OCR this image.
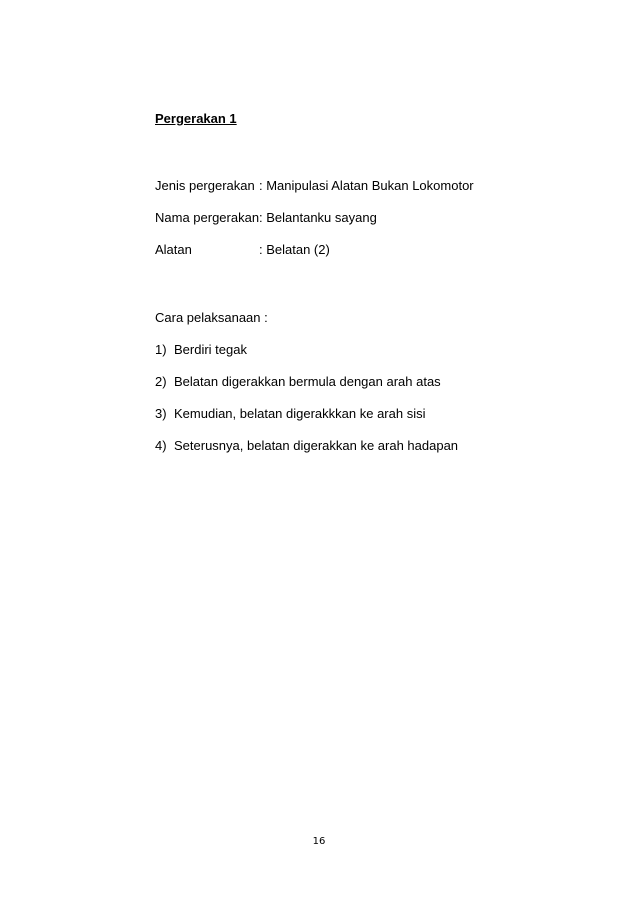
Pergerakan 1
Jenis pergerakan : Manipulasi Alatan Bukan Lokomotor
Nama pergerakan: Belantanku sayang
Alatan	: Belatan (2)
Cara pelaksanaan :
1) Berdiri tegak
2) Belatan digerakkan bermula dengan arah atas
3) Kemudian, belatan digerakkkan ke arah sisi
4) Seterusnya, belatan digerakkan ke arah hadapan
16
